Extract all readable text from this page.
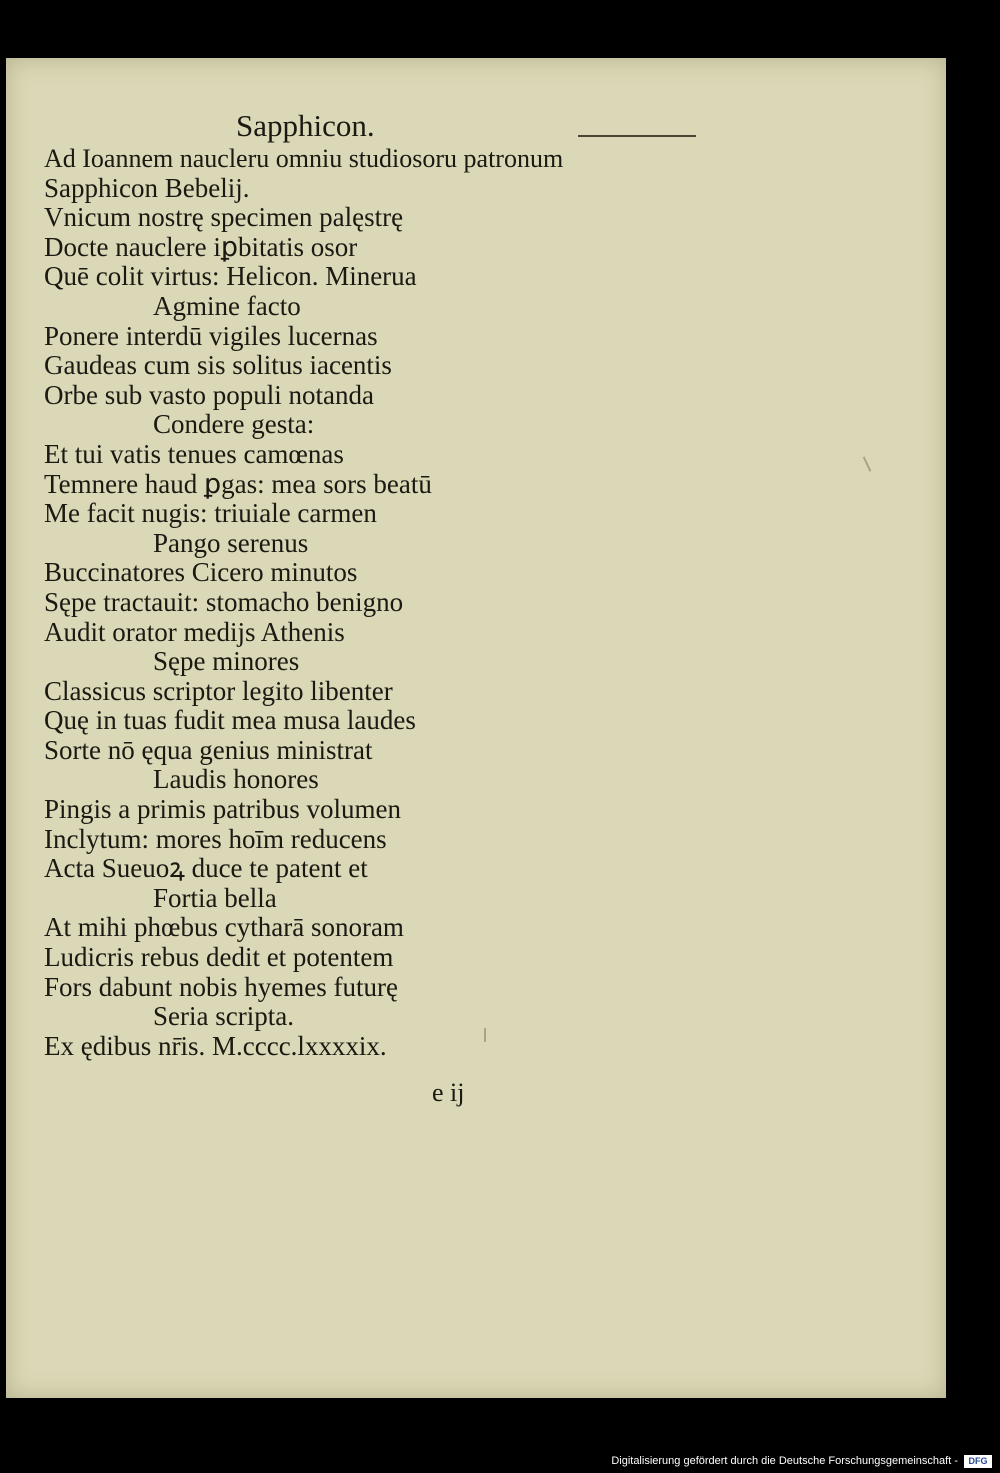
Sapphicon.
Ad Ioannem naucleru omniu studiosoru patronum
Sapphicon Bebelij.
Vnicum nostrę specimen palęstrę
Docte nauclere iꝑbitatis osor
Quē colit virtus: Helicon. Minerua
Agmine facto
Ponere interdū vigiles lucernas
Gaudeas cum sis solitus iacentis
Orbe sub vasto populi notanda
Condere gesta:
Et tui vatis tenues camœnas
Temnere haud ꝑgas: mea sors beatū
Me facit nugis: triuiale carmen
Pango serenus
Buccinatores Cicero minutos
Sępe tractauit: stomacho benigno
Audit orator medijs Athenis
Sępe minores
Classicus scriptor legito libenter
Quę in tuas fudit mea musa laudes
Sorte nō ęqua genius ministrat
Laudis honores
Pingis a primis patribus volumen
Inclytum: mores hoīm reducens
Acta Sueuoꝝ duce te patent et
Fortia bella
At mihi phœbus cytharā sonoram
Ludicris rebus dedit et potentem
Fors dabunt nobis hyemes futurę
Seria scripta.
Ex ędibus nr̄is. M.cccc.lxxxxix.
e ij
Digitalisierung gefördert durch die Deutsche Forschungsgemeinschaft -	DFG
